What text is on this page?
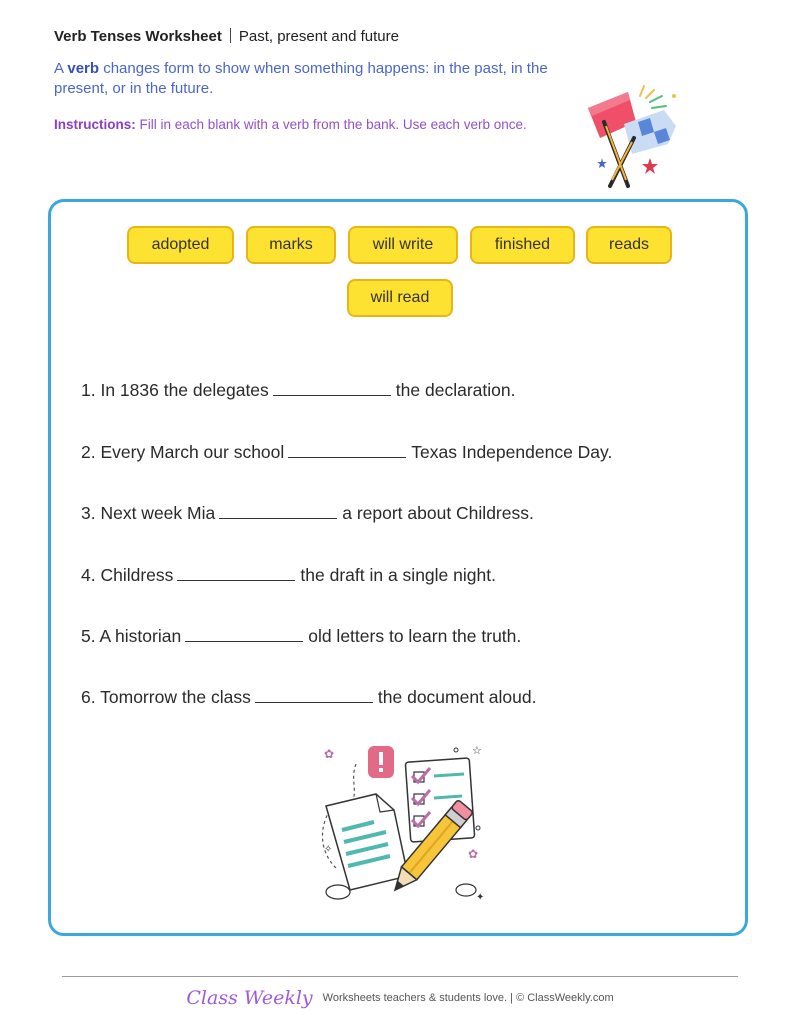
Verb Tenses Worksheet Past, present and future
A verb changes form to show when something happens: in the past, in the present, or in the future.
Instructions: Fill in each blank with a verb from the bank. Use each verb once.
adopted	marks	will write	finished	reads
will read
1. In 1836 the delegates	the declaration.
2. Every March our school	Texas Independence Day.
3. Next week Mia	a report about Childress.
4. Childress	the draft in a single night.
5. A historian	old letters to learn the truth.
6. Tomorrow the class	the document aloud.
✿
✿
☆
✧
✦
Class Weekly Worksheets teachers & students love. | © ClassWeekly.com
